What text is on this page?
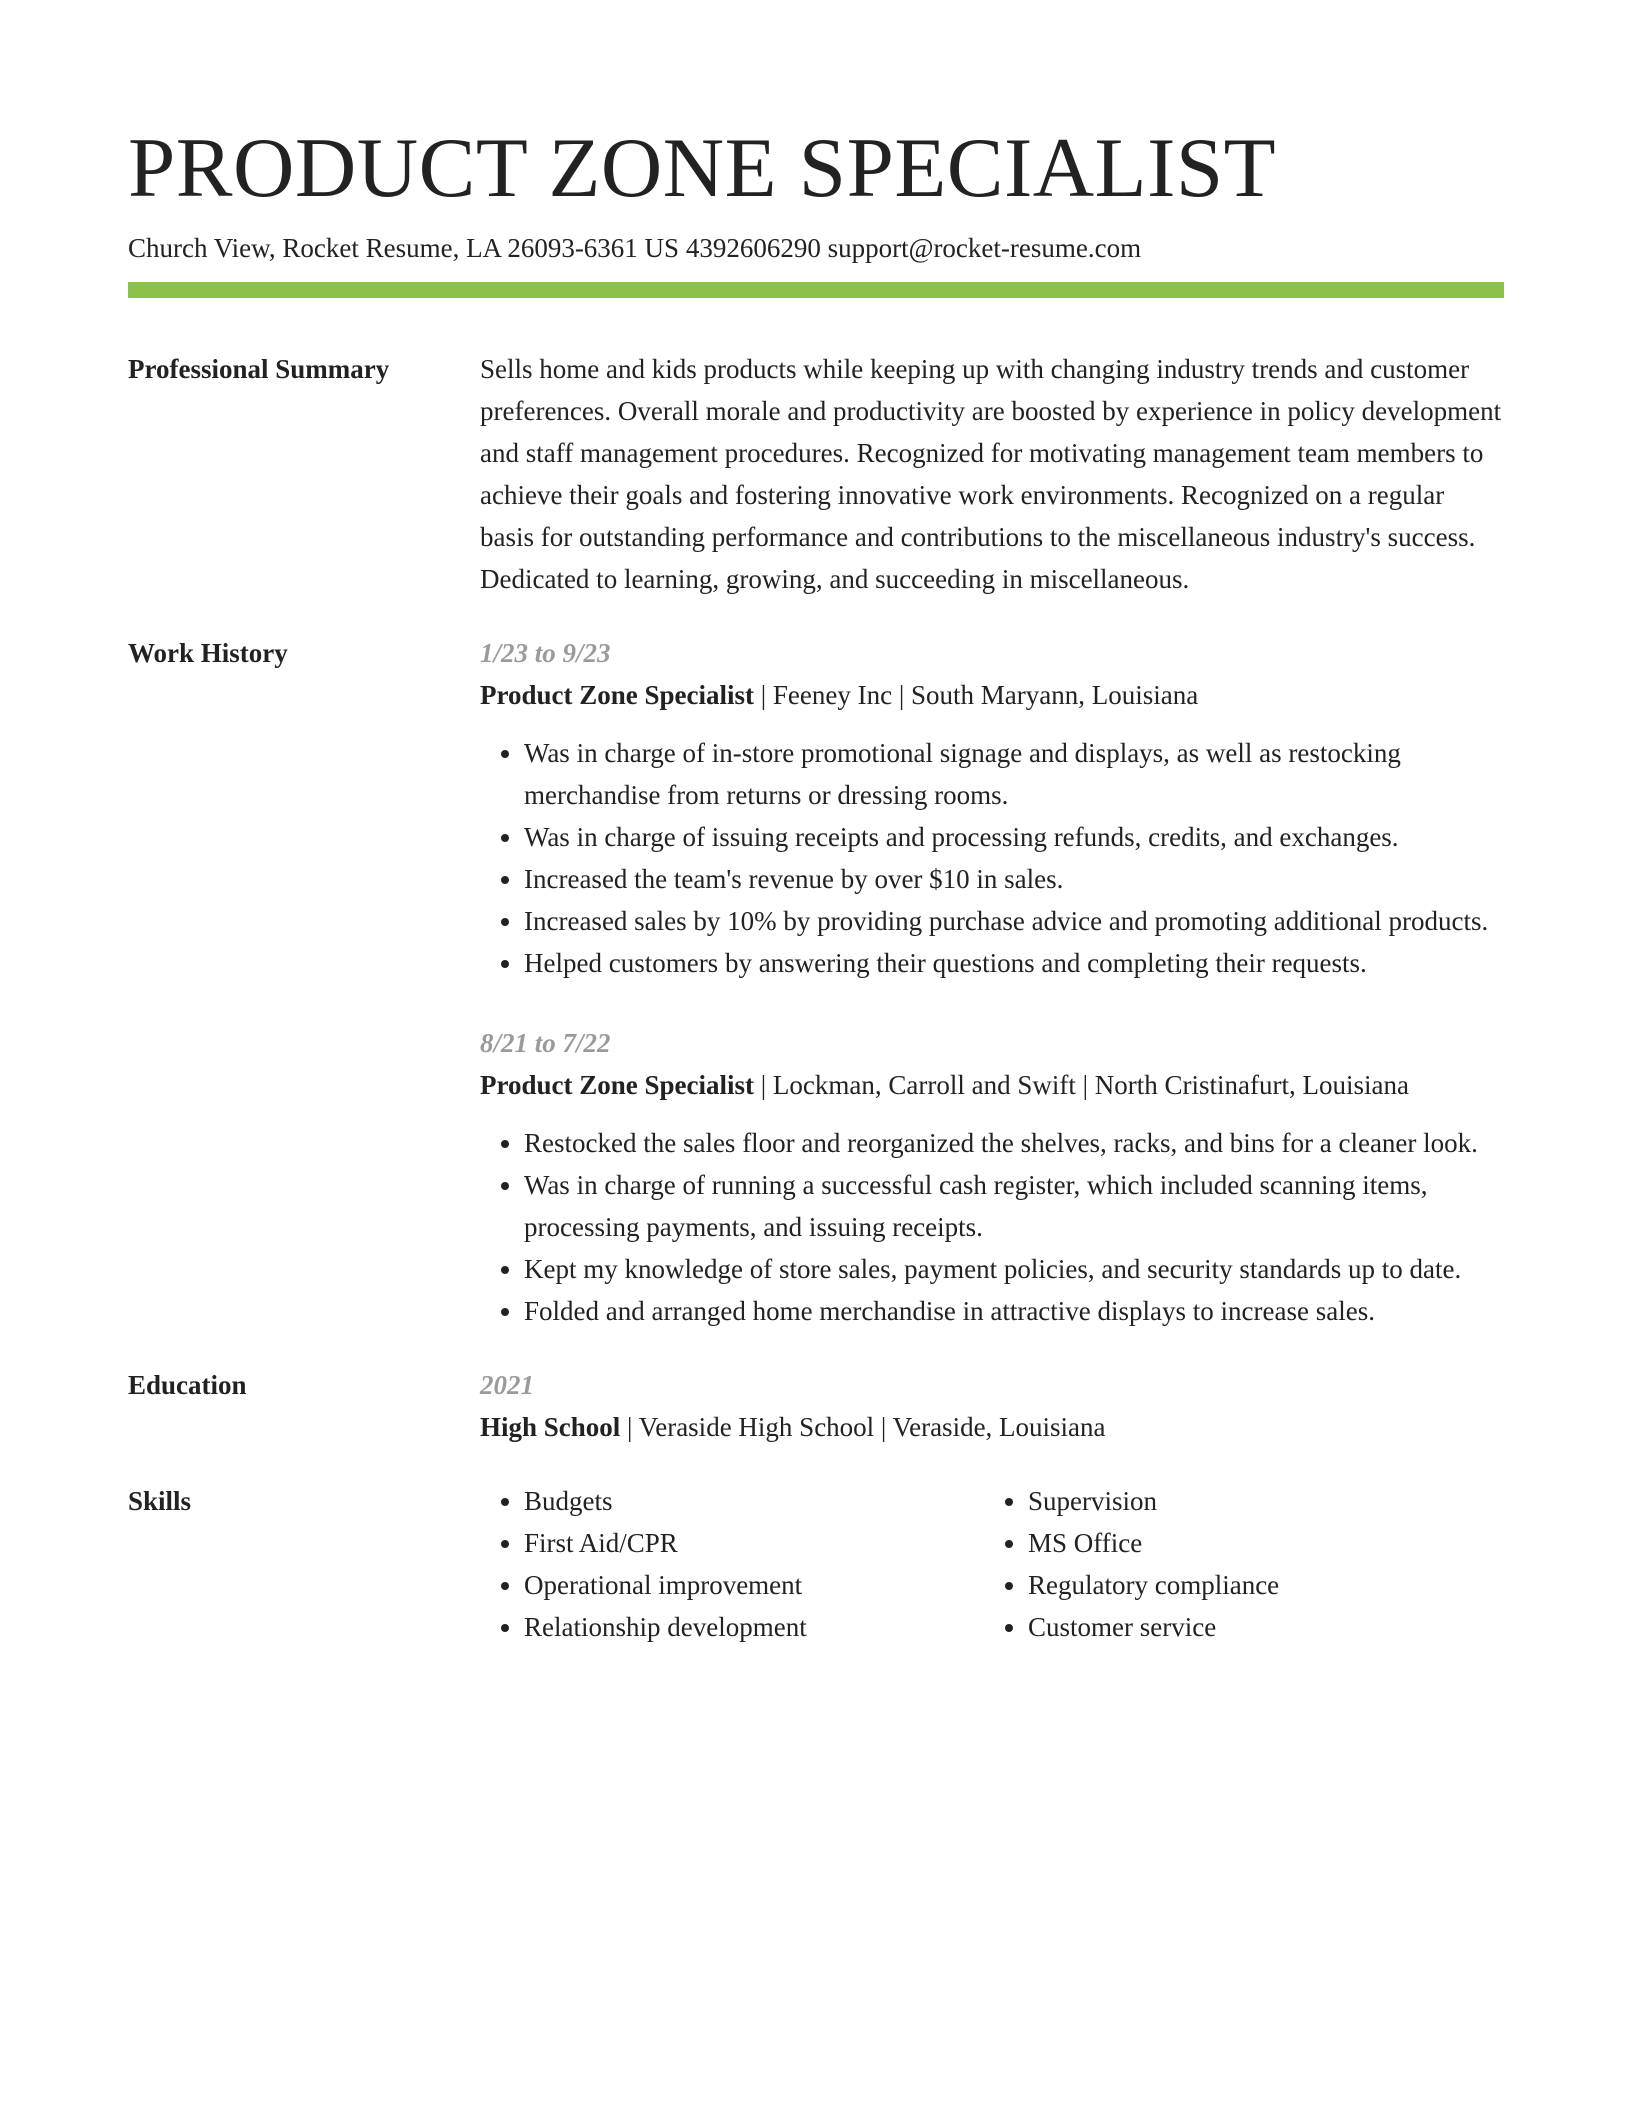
PRODUCT ZONE SPECIALIST
Church View, Rocket Resume, LA 26093-6361 US 4392606290 support@rocket-resume.com
Professional Summary	Sells home and kids products while keeping up with changing industry trends and customer preferences. Overall morale and productivity are boosted by experience in policy development and staff management procedures. Recognized for motivating management team members to achieve their goals and fostering innovative work environments. Recognized on a regular basis for outstanding performance and contributions to the miscellaneous industry's success. Dedicated to learning, growing, and succeeding in miscellaneous.
Work History	1/23 to 9/23
Product Zone Specialist | Feeney Inc | South Maryann, Louisiana
• Was in charge of in-store promotional signage and displays, as well as restocking merchandise from returns or dressing rooms.
• Was in charge of issuing receipts and processing refunds, credits, and exchanges.
• Increased the team's revenue by over $10 in sales.
• Increased sales by 10% by providing purchase advice and promoting additional products.
• Helped customers by answering their questions and completing their requests.
8/21 to 7/22
Product Zone Specialist | Lockman, Carroll and Swift | North Cristinafurt, Louisiana
• Restocked the sales floor and reorganized the shelves, racks, and bins for a cleaner look.
• Was in charge of running a successful cash register, which included scanning items, processing payments, and issuing receipts.
• Kept my knowledge of store sales, payment policies, and security standards up to date.
• Folded and arranged home merchandise in attractive displays to increase sales.
Education	2021
High School | Veraside High School | Veraside, Louisiana
Skills
•	Budgets
• First Aid/CPR
• Operational improvement
• Relationship development
• Supervision
• MS Office
• Regulatory compliance
• Customer service
